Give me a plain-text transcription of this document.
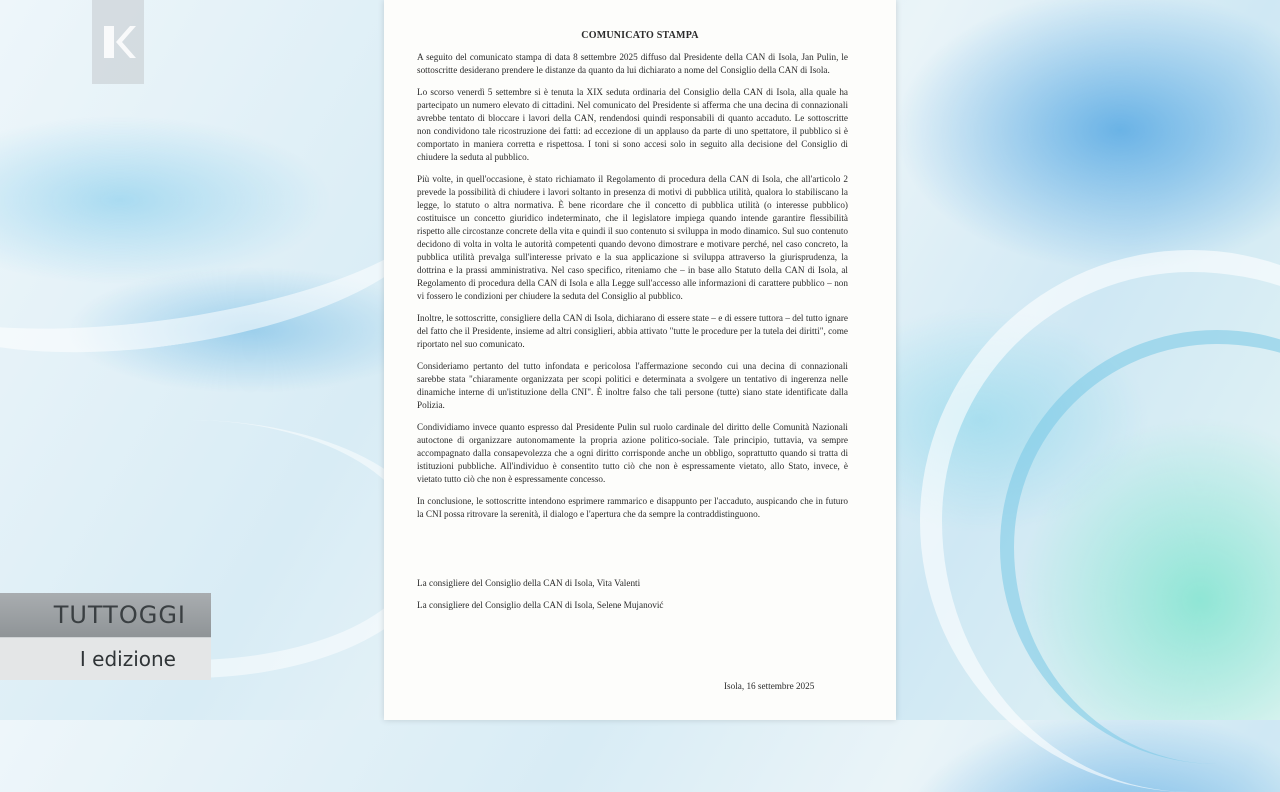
COMUNICATO STAMPA

A seguito del comunicato stampa di data 8 settembre 2025 diffuso dal Presidente della CAN di Isola, Jan Pulin, le sottoscritte desiderano prendere le distanze da quanto da lui dichiarato a nome del Consiglio della CAN di Isola.

Lo scorso venerdì 5 settembre si è tenuta la XIX seduta ordinaria del Consiglio della CAN di Isola, alla quale ha partecipato un numero elevato di cittadini. Nel comunicato del Presidente si afferma che una decina di connazionali avrebbe tentato di bloccare i lavori della CAN, rendendosi quindi responsabili di quanto accaduto. Le sottoscritte non condividono tale ricostruzione dei fatti: ad eccezione di un applauso da parte di uno spettatore, il pubblico si è comportato in maniera corretta e rispettosa. I toni si sono accesi solo in seguito alla decisione del Consiglio di chiudere la seduta al pubblico.

Più volte, in quell'occasione, è stato richiamato il Regolamento di procedura della CAN di Isola, che all'articolo 2 prevede la possibilità di chiudere i lavori soltanto in presenza di motivi di pubblica utilità, qualora lo stabiliscano la legge, lo statuto o altra normativa. È bene ricordare che il concetto di pubblica utilità (o interesse pubblico) costituisce un concetto giuridico indeterminato, che il legislatore impiega quando intende garantire flessibilità rispetto alle circostanze concrete della vita e quindi il suo contenuto si sviluppa in modo dinamico. Sul suo contenuto decidono di volta in volta le autorità competenti quando devono dimostrare e motivare perché, nel caso concreto, la pubblica utilità prevalga sull'interesse privato e la sua applicazione si sviluppa attraverso la giurisprudenza, la dottrina e la prassi amministrativa. Nel caso specifico, riteniamo che – in base allo Statuto della CAN di Isola, al Regolamento di procedura della CAN di Isola e alla Legge sull'accesso alle informazioni di carattere pubblico – non vi fossero le condizioni per chiudere la seduta del Consiglio al pubblico.

Inoltre, le sottoscritte, consigliere della CAN di Isola, dichiarano di essere state – e di essere tuttora – del tutto ignare del fatto che il Presidente, insieme ad altri consiglieri, abbia attivato "tutte le procedure per la tutela dei diritti", come riportato nel suo comunicato.

Consideriamo pertanto del tutto infondata e pericolosa l'affermazione secondo cui una decina di connazionali sarebbe stata "chiaramente organizzata per scopi politici e determinata a svolgere un tentativo di ingerenza nelle dinamiche interne di un'istituzione della CNI". È inoltre falso che tali persone (tutte) siano state identificate dalla Polizia.

Condividiamo invece quanto espresso dal Presidente Pulin sul ruolo cardinale del diritto delle Comunità Nazionali autoctone di organizzare autonomamente la propria azione politico-sociale. Tale principio, tuttavia, va sempre accompagnato dalla consapevolezza che a ogni diritto corrisponde anche un obbligo, soprattutto quando si tratta di istituzioni pubbliche. All'individuo è consentito tutto ciò che non è espressamente vietato, allo Stato, invece, è vietato tutto ciò che non è espressamente concesso.

In conclusione, le sottoscritte intendono esprimere rammarico e disappunto per l'accaduto, auspicando che in futuro la CNI possa ritrovare la serenità, il dialogo e l'apertura che da sempre la contraddistinguono.

La consigliere del Consiglio della CAN di Isola, Vita Valenti
La consigliere del Consiglio della CAN di Isola, Selene Mujanović
Isola, 16 settembre 2025
TUTTOGGI
I edizione
